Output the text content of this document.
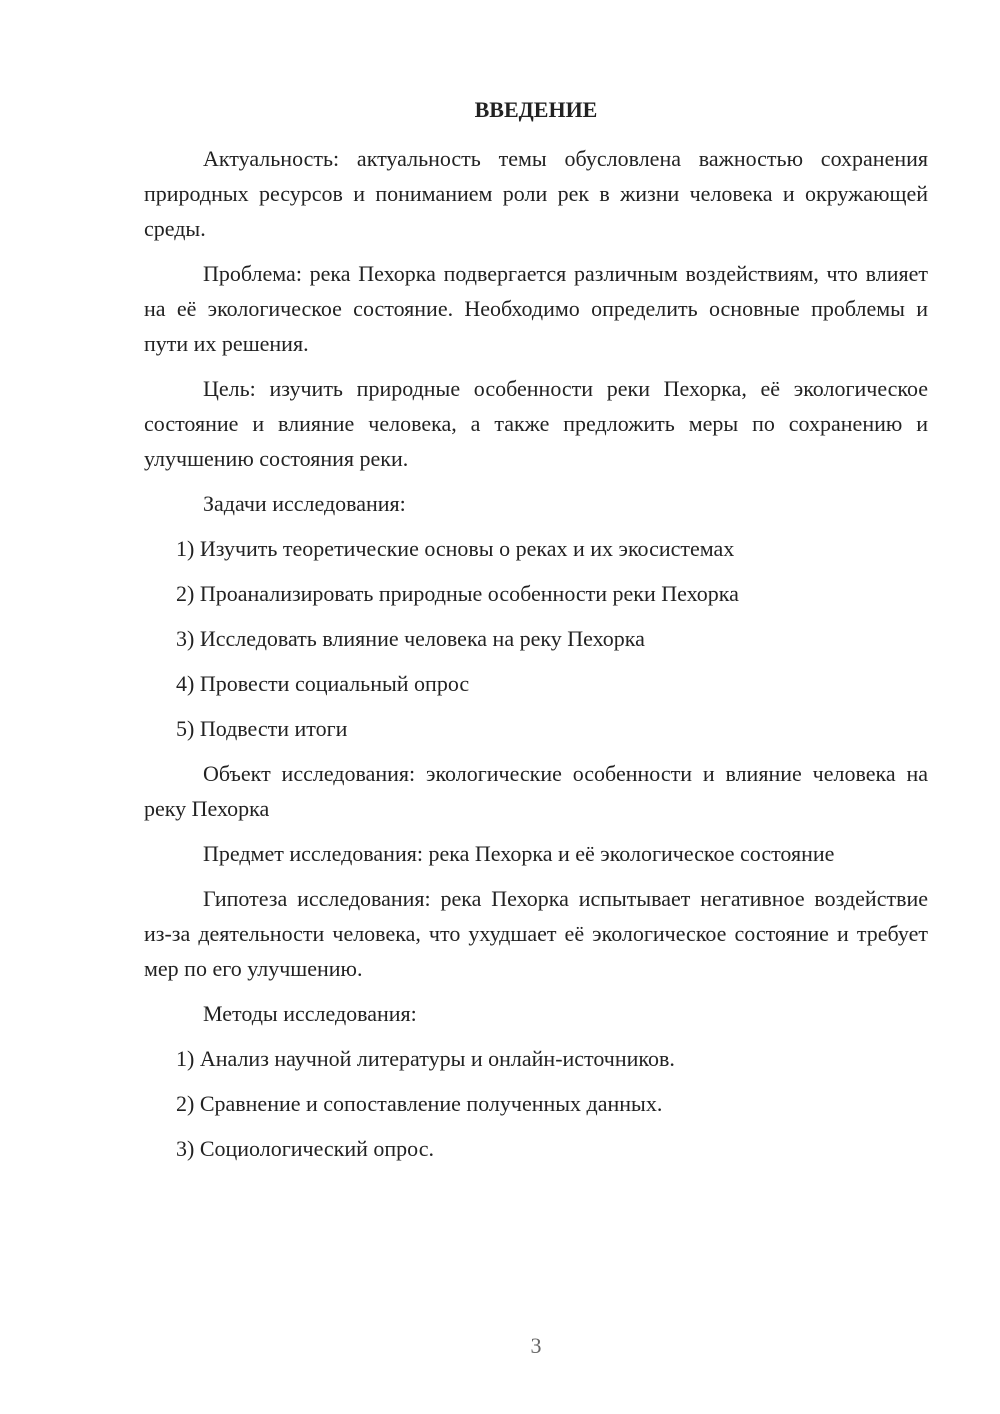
ВВЕДЕНИЕ

Актуальность: актуальность темы обусловлена важностью сохранения природных ресурсов и пониманием роли рек в жизни человека и окружающей среды.

Проблема: река Пехорка подвергается различным воздействиям, что влияет на её экологическое состояние. Необходимо определить основные проблемы и пути их решения.

Цель: изучить природные особенности реки Пехорка, её экологическое состояние и влияние человека, а также предложить меры по сохранению и улучшению состояния реки.

Задачи исследования:

1) Изучить теоретические основы о реках и их экосистемах
2) Проанализировать природные особенности реки Пехорка
3) Исследовать влияние человека на реку Пехорка
4) Провести социальный опрос
5) Подвести итоги

Объект исследования: экологические особенности и влияние человека на реку Пехорка

Предмет исследования: река Пехорка и её экологическое состояние

Гипотеза исследования: река Пехорка испытывает негативное воздействие из-за деятельности человека, что ухудшает её экологическое состояние и требует мер по его улучшению.

Методы исследования:

1) Анализ научной литературы и онлайн-источников.
2) Сравнение и сопоставление полученных данных.
3) Социологический опрос.
3
